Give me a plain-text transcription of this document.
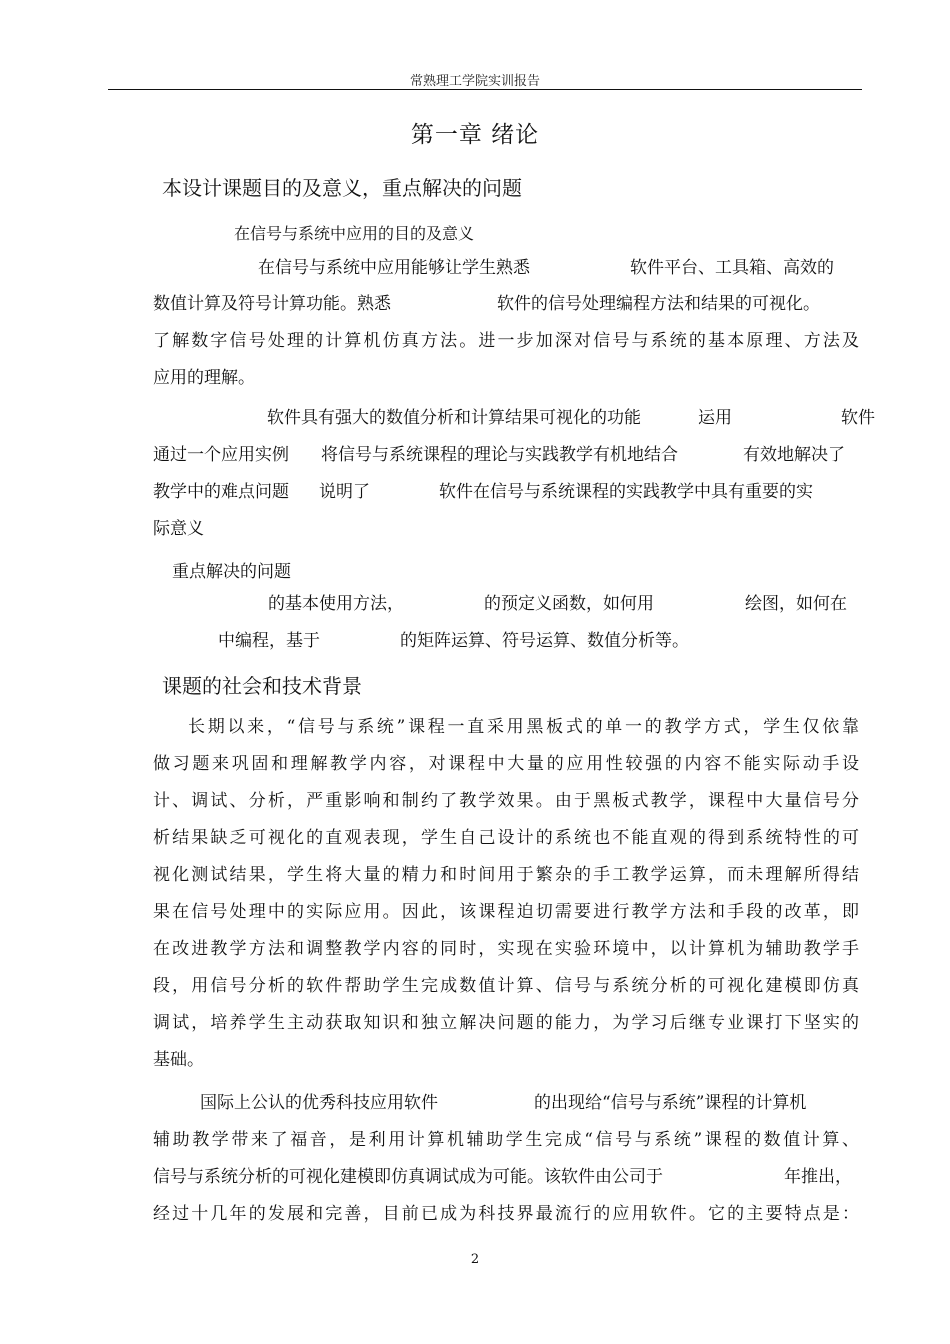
常熟理工学院实训报告
第一章 绪论
本设计课题目的及意义，重点解决的问题
在信号与系统中应用的目的及意义
在信号与系统中应用能够让学生熟悉	软件平台、工具箱、高效的
数值计算及符号计算功能。熟悉	软件的信号处理编程方法和结果的可视化。
了解数字信号处理的计算机仿真方法。进一步加深对信号与系统的基本原理、方法及
应用的理解。
软件具有强大的数值分析和计算结果可视化的功能	运用	软件
通过一个应用实例 将信号与系统课程的理论与实践教学有机地结合	有效地解决了
教学中的难点问题 说明了	软件在信号与系统课程的实践教学中具有重要的实
际意义
重点解决的问题
的基本使用方法，	的预定义函数，如何用	绘图，如何在
中编程，基于	的矩阵运算、符号运算、数值分析等。
课题的社会和技术背景
长期以来，“信号与系统”课程一直采用黑板式的单一的教学方式，学生仅依靠
做习题来巩固和理解教学内容，对课程中大量的应用性较强的内容不能实际动手设
计、调试、分析，严重影响和制约了教学效果。由于黑板式教学，课程中大量信号分
析结果缺乏可视化的直观表现，学生自己设计的系统也不能直观的得到系统特性的可
视化测试结果，学生将大量的精力和时间用于繁杂的手工教学运算，而未理解所得结
果在信号处理中的实际应用。因此，该课程迫切需要进行教学方法和手段的改革，即
在改进教学方法和调整教学内容的同时，实现在实验环境中，以计算机为辅助教学手
段，用信号分析的软件帮助学生完成数值计算、信号与系统分析的可视化建模即仿真
调试，培养学生主动获取知识和独立解决问题的能力，为学习后继专业课打下坚实的
基础。
国际上公认的优秀科技应用软件	的出现给“信号与系统”课程的计算机
辅助教学带来了福音，是利用计算机辅助学生完成“信号与系统”课程的数值计算、
信号与系统分析的可视化建模即仿真调试成为可能。该软件由公司于	年推出，
经过十几年的发展和完善，目前已成为科技界最流行的应用软件。它的主要特点是：
2
